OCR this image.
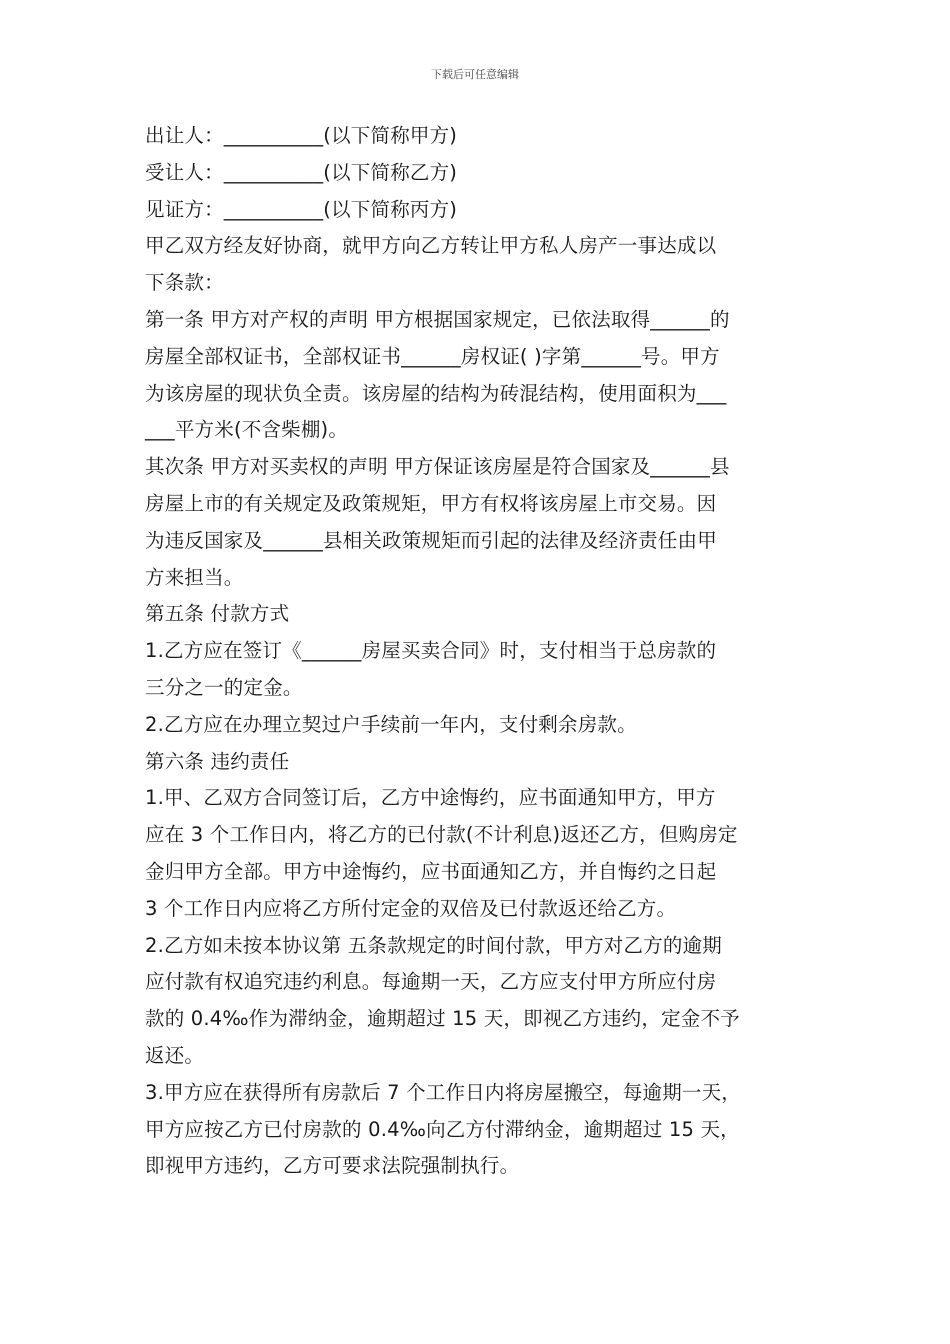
下载后可任意编辑
出让人：__________(以下简称甲方)
受让人：__________(以下简称乙方)
见证方：__________(以下简称丙方)
甲乙双方经友好协商，就甲方向乙方转让甲方私人房产一事达成以
下条款：
第一条 甲方对产权的声明 甲方根据国家规定，已依法取得______的
房屋全部权证书，全部权证书______房权证( )字第______号。甲方
为该房屋的现状负全责。该房屋的结构为砖混结构，使用面积为___
___平方米(不含柴棚)。
其次条 甲方对买卖权的声明 甲方保证该房屋是符合国家及______县
房屋上市的有关规定及政策规矩，甲方有权将该房屋上市交易。因
为违反国家及______县相关政策规矩而引起的法律及经济责任由甲
方来担当。
第五条 付款方式
1.乙方应在签订《______房屋买卖合同》时，支付相当于总房款的
三分之一的定金。
2.乙方应在办理立契过户手续前一年内，支付剩余房款。
第六条 违约责任
1.甲、乙双方合同签订后，乙方中途悔约，应书面通知甲方，甲方
应在 3 个工作日内，将乙方的已付款(不计利息)返还乙方，但购房定
金归甲方全部。甲方中途悔约，应书面通知乙方，并自悔约之日起
3 个工作日内应将乙方所付定金的双倍及已付款返还给乙方。
2.乙方如未按本协议第 五条款规定的时间付款，甲方对乙方的逾期
应付款有权追究违约利息。每逾期一天，乙方应支付甲方所应付房
款的 0.4‰作为滞纳金，逾期超过 15 天，即视乙方违约，定金不予
返还。
3.甲方应在获得所有房款后 7 个工作日内将房屋搬空，每逾期一天，
甲方应按乙方已付房款的 0.4‰向乙方付滞纳金，逾期超过 15 天，
即视甲方违约，乙方可要求法院强制执行。
